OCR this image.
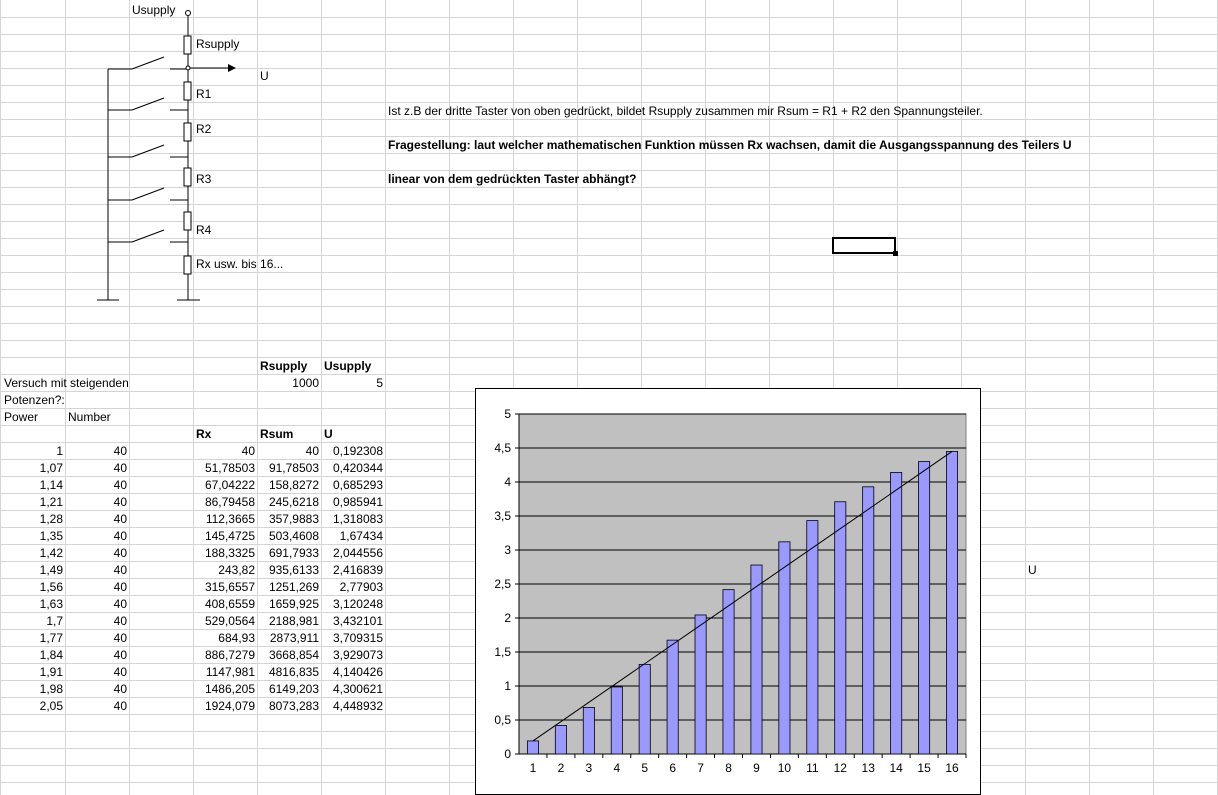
Usupply
Rsupply
U
R1
R2
R3
R4
Rx usw. bis 16...
Ist z.B der dritte Taster von oben gedrückt, bildet Rsupply zusammen mir Rsum = R1 + R2 den Spannungsteiler.
Fragestellung: laut welcher mathematischen Funktion müssen Rx wachsen, damit die Ausgangsspannung des Teilers U
linear von dem gedrückten Taster abhängt?
Rsupply Usupply
Versuch mit steigenden	1000	5
Potenzen?:
Power Number
Rx	Rsum	U
1	40	40	40	0,192308
1,07	40	51,78503	91,78503	0,420344
1,14	40	67,04222	158,8272	0,685293
1,21	40	86,79458	245,6218	0,985941
1,28	40	112,3665	357,9883	1,318083
1,35	40	145,4725	503,4608	1,67434
1,42	40	188,3325	691,7933	2,044556
1,49	40	243,82	935,6133	2,416839
1,56	40	315,6557	1251,269	2,77903
1,63	40	408,6559	1659,925	3,120248
1,7	40	529,0564	2188,981	3,432101
1,77	40	684,93	2873,911	3,709315
1,84	40	886,7279	3668,854	3,929073
1,91	40	1147,981	4816,835	4,140426
1,98	40	1486,205	6149,203	4,300621
2,05	40	1924,079	8073,283	4,448932
U
0
0,5
1
1,5
2
2,5
3
3,5
4
4,5
5
1 2 3 4 5 6 7 8 9 10 11 12 13 14 15 16
